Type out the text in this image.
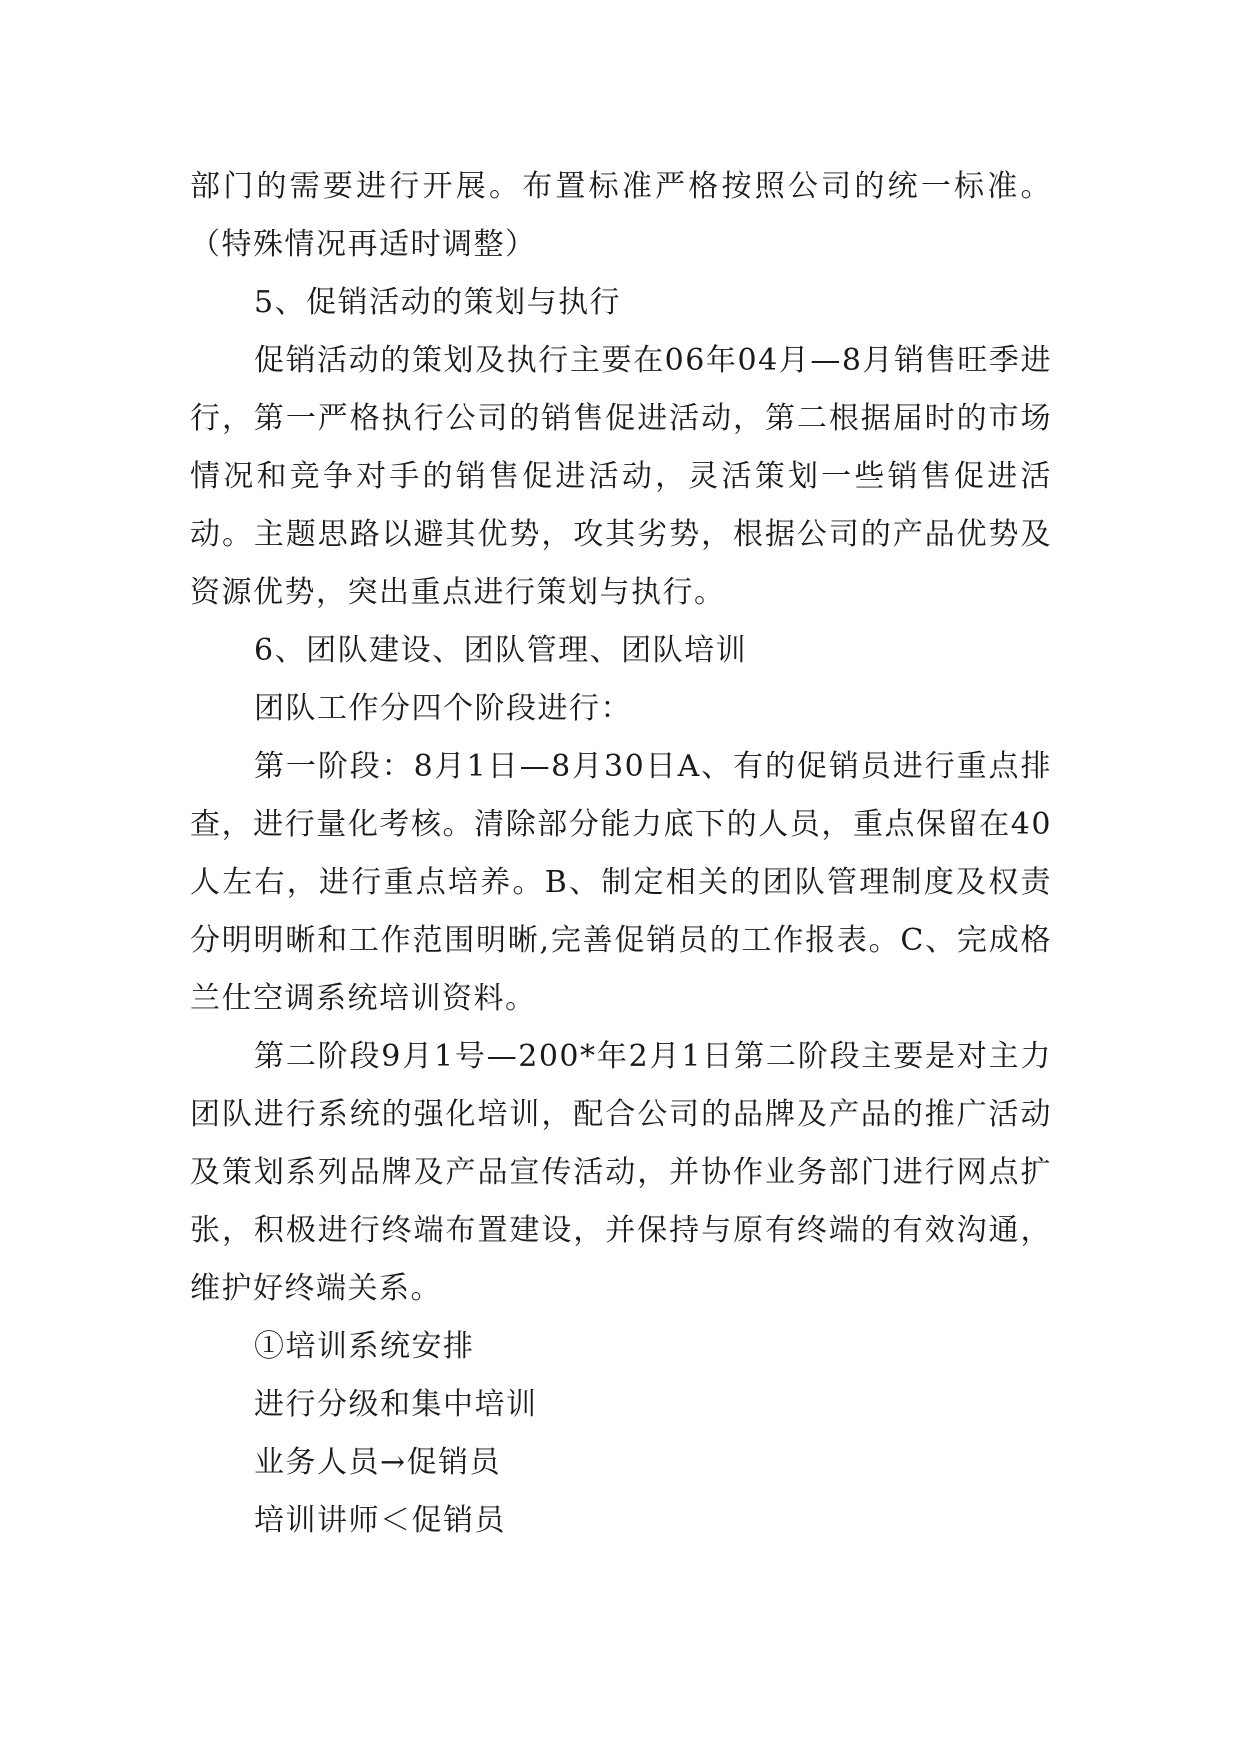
部门的需要进行开展。布置标准严格按照公司的统一标准。（特殊情况再适时调整）

5、促销活动的策划与执行

促销活动的策划及执行主要在06年04月—8月销售旺季进行，第一严格执行公司的销售促进活动，第二根据届时的市场情况和竞争对手的销售促进活动，灵活策划一些销售促进活动。主题思路以避其优势，攻其劣势，根据公司的产品优势及资源优势，突出重点进行策划与执行。

6、团队建设、团队管理、团队培训

团队工作分四个阶段进行：

第一阶段：8月1日—8月30日A、有的促销员进行重点排查，进行量化考核。清除部分能力底下的人员，重点保留在40人左右，进行重点培养。B、制定相关的团队管理制度及权责分明明晰和工作范围明晰,完善促销员的工作报表。C、完成格兰仕空调系统培训资料。

第二阶段9月1号—200*年2月1日第二阶段主要是对主力团队进行系统的强化培训，配合公司的品牌及产品的推广活动及策划系列品牌及产品宣传活动，并协作业务部门进行网点扩张，积极进行终端布置建设，并保持与原有终端的有效沟通，维护好终端关系。

①培训系统安排

进行分级和集中培训

业务人员→促销员

培训讲师＜促销员
